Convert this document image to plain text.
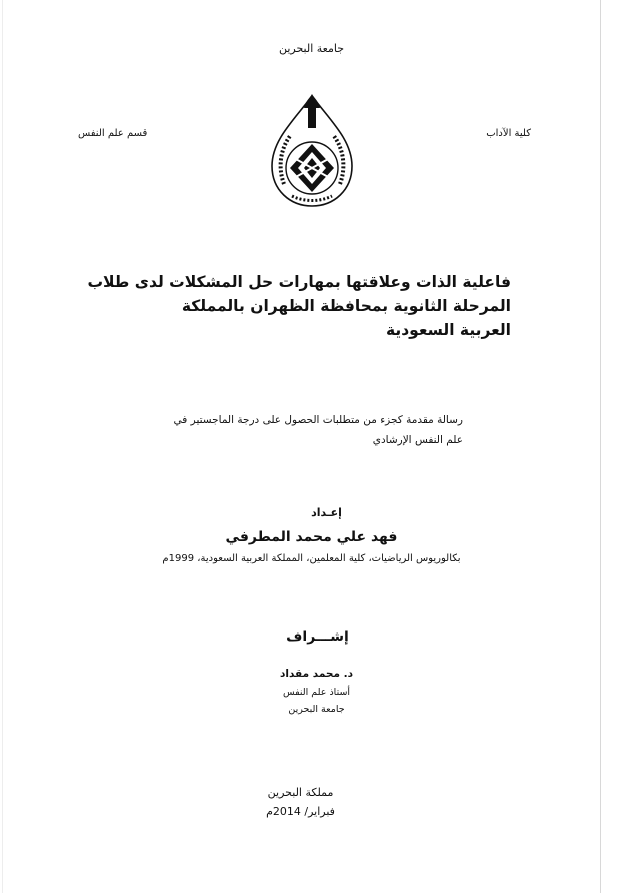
جامعة البحرين
كلية الآداب
قسم علم النفس
فاعلية الذات وعلاقتها بمهارات حل المشكلات لدى طلاب
المرحلة الثانوية بمحافظة الظهران بالمملكة
العربية السعودية
رسالة مقدمة كجزء من متطلبات الحصول على درجة الماجستير في
علم النفس الإرشادي
إعـداد
فهد علي محمد المطرفي
بكالوريوس الرياضيات، كلية المعلمين، المملكة العربية السعودية، 1999م
إشـــراف
د. محمد مقداد
أستاذ علم النفس
جامعة البحرين
مملكة البحرين
فبراير/ 2014م
